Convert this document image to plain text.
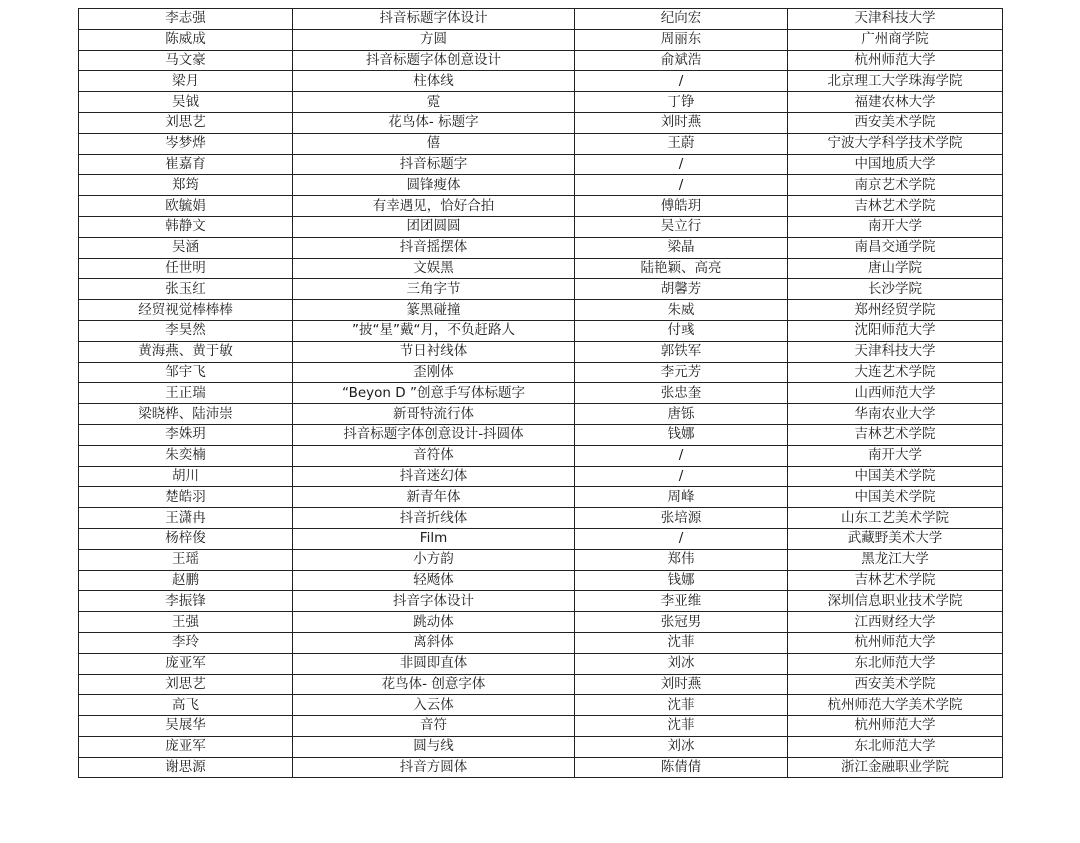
李志强	抖音标题字体设计	纪向宏	天津科技大学
陈威成	方圆	周丽东	广州商学院
马文豪	抖音标题字体创意设计	俞斌浩	杭州师范大学
梁月	柱体线	/	北京理工大学珠海学院
吴钺	霓	丁铮	福建农林大学
刘思艺	花鸟体- 标题字	刘时燕	西安美术学院
岑梦烨	僖	王蔚	宁波大学科学技术学院
崔嘉育	抖音标题字	/	中国地质大学
郑筠	圆锋瘦体	/	南京艺术学院
欧毓娟	有幸遇见，恰好合拍	傅皓玥	吉林艺术学院
韩静文	团团圆圆	吴立行	南开大学
吴涵	抖音摇摆体	梁晶	南昌交通学院
任世明	文娱黑	陆艳颖、高亮	唐山学院
张玉红	三角字节	胡馨芳	长沙学院
经贸视觉棒棒棒	篆黑碰撞	朱威	郑州经贸学院
李昊然	”披“星”戴“月，不负赶路人	付彧	沈阳师范大学
黄海燕、黄于敏	节日衬线体	郭铁军	天津科技大学
邹宇飞	歪刚体	李元芳	大连艺术学院
王正瑞	“Beyon D ”创意手写体标题字	张忠奎	山西师范大学
梁晓桦、陆沛崇	新哥特流行体	唐铄	华南农业大学
李姝玥	抖音标题字体创意设计-抖圆体	钱娜	吉林艺术学院
朱奕楠	音符体	/	南开大学
胡川	抖音迷幻体	/	中国美术学院
楚皓羽	新青年体	周峰	中国美术学院
王潇冉	抖音折线体	张培源	山东工艺美术学院
杨梓俊	Film	/	武藏野美术大学
王瑶	小方韵	郑伟	黑龙江大学
赵鹏	轻飏体	钱娜	吉林艺术学院
李振锋	抖音字体设计	李亚维	深圳信息职业技术学院
王强	跳动体	张冠男	江西财经大学
李玲	离斜体	沈菲	杭州师范大学
庞亚军	非圆即直体	刘冰	东北师范大学
刘思艺	花鸟体- 创意字体	刘时燕	西安美术学院
高飞	入云体	沈菲	杭州师范大学美术学院
吴展华	音符	沈菲	杭州师范大学
庞亚军	圆与线	刘冰	东北师范大学
谢思源	抖音方圆体	陈倩倩	浙江金融职业学院
